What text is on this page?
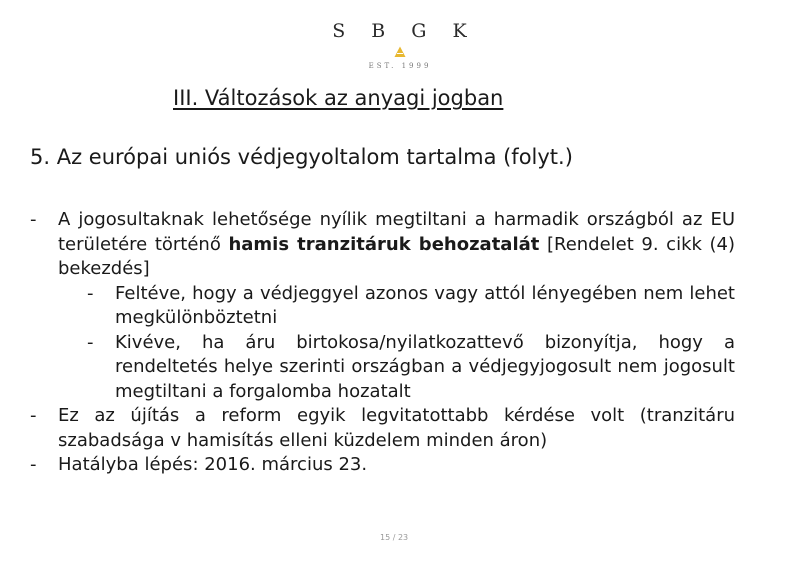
S B G K
EST. 1999
III. Változások az anyagi jogban
5. Az európai uniós védjegyoltalom tartalma (folyt.)
- A jogosultaknak lehetősége nyílik megtiltani a harmadik országból az EU területére történő hamis tranzitáruk behozatalát [Rendelet 9. cikk (4) bekezdés]
- Feltéve, hogy a védjeggyel azonos vagy attól lényegében nem lehet megkülönböztetni
- Kivéve, ha áru birtokosa/nyilatkozattevő bizonyítja, hogy a rendeltetés helye szerinti országban a védjegyjogosult nem jogosult megtiltani a forgalomba hozatalt
- Ez az újítás a reform egyik legvitatottabb kérdése volt (tranzitáru szabadsága v hamisítás elleni küzdelem minden áron)
- Hatályba lépés: 2016. március 23.
15 / 23
